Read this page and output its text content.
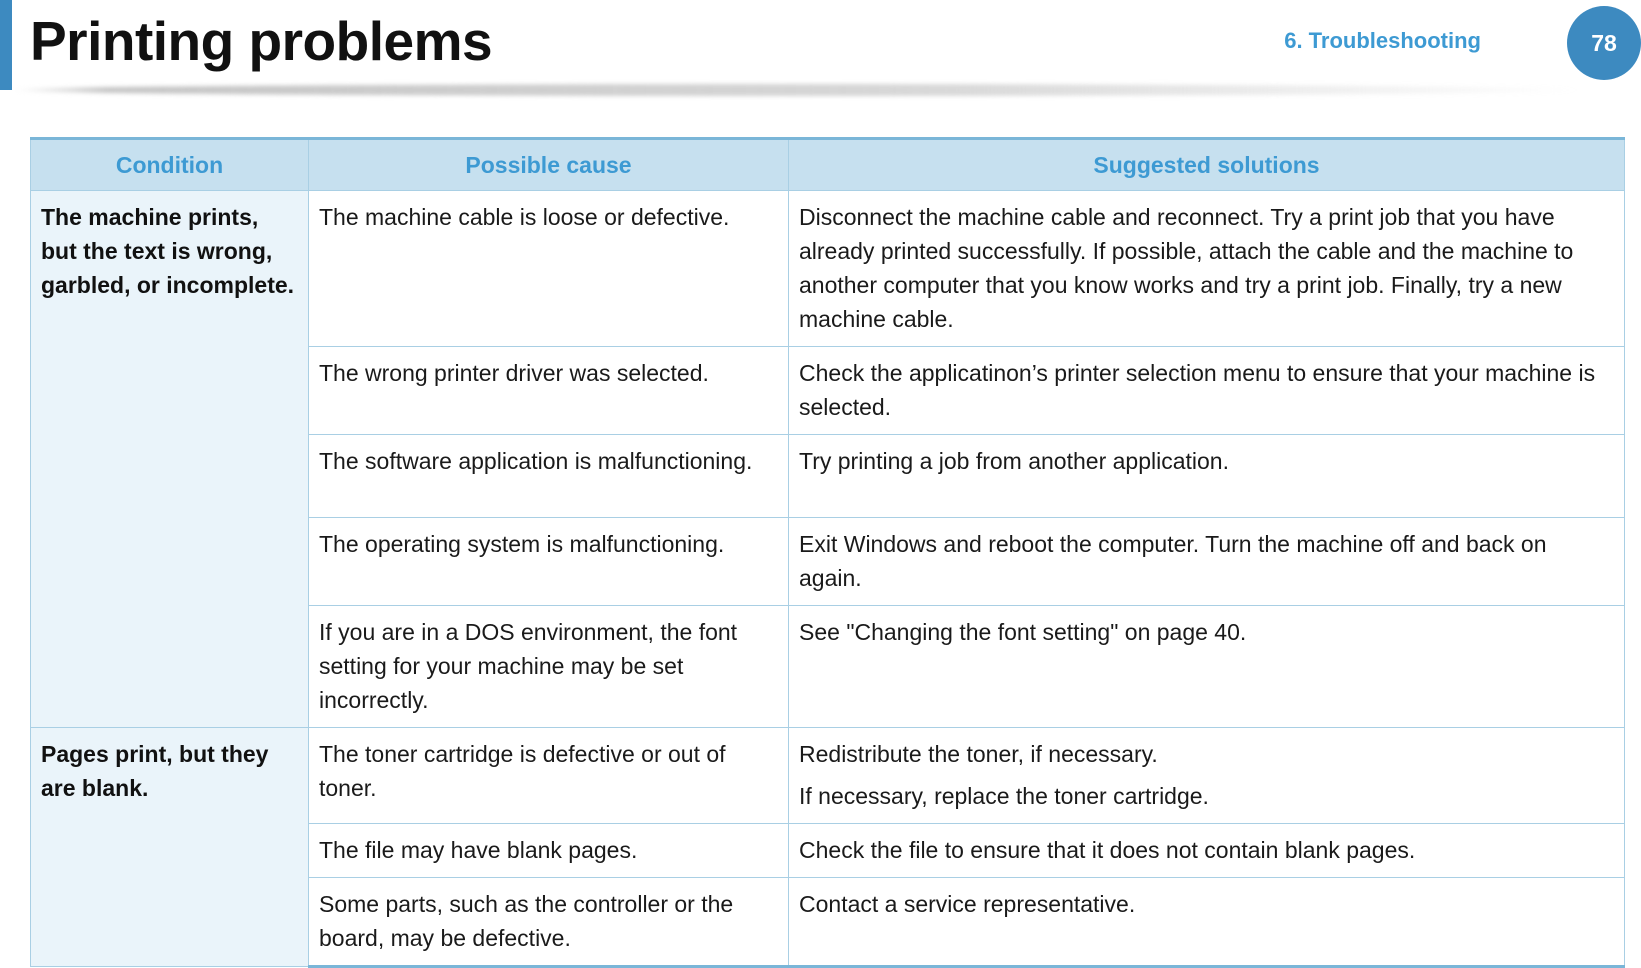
Printing problems	6. Troubleshooting	78
Condition	Possible cause	Suggested solutions
The machine prints, but the text is wrong, garbled, or incomplete.	The machine cable is loose or defective.	Disconnect the machine cable and reconnect. Try a print job that you have already printed successfully. If possible, attach the cable and the machine to another computer that you know works and try a print job. Finally, try a new machine cable.

	The wrong printer driver was selected.	Check the applicatinon’s printer selection menu to ensure that your machine is selected.

	The software application is malfunctioning.	Try printing a job from another application.

	The operating system is malfunctioning.	Exit Windows and reboot the computer. Turn the machine off and back on again.

	If you are in a DOS environment, the font setting for your machine may be set incorrectly.	See "Changing the font setting" on page 40.

Pages print, but they are blank.	The toner cartridge is defective or out of toner.	Redistribute the toner, if necessary.
If necessary, replace the toner cartridge.

	The file may have blank pages.	Check the file to ensure that it does not contain blank pages.

	Some parts, such as the controller or the board, may be defective.	Contact a service representative.
